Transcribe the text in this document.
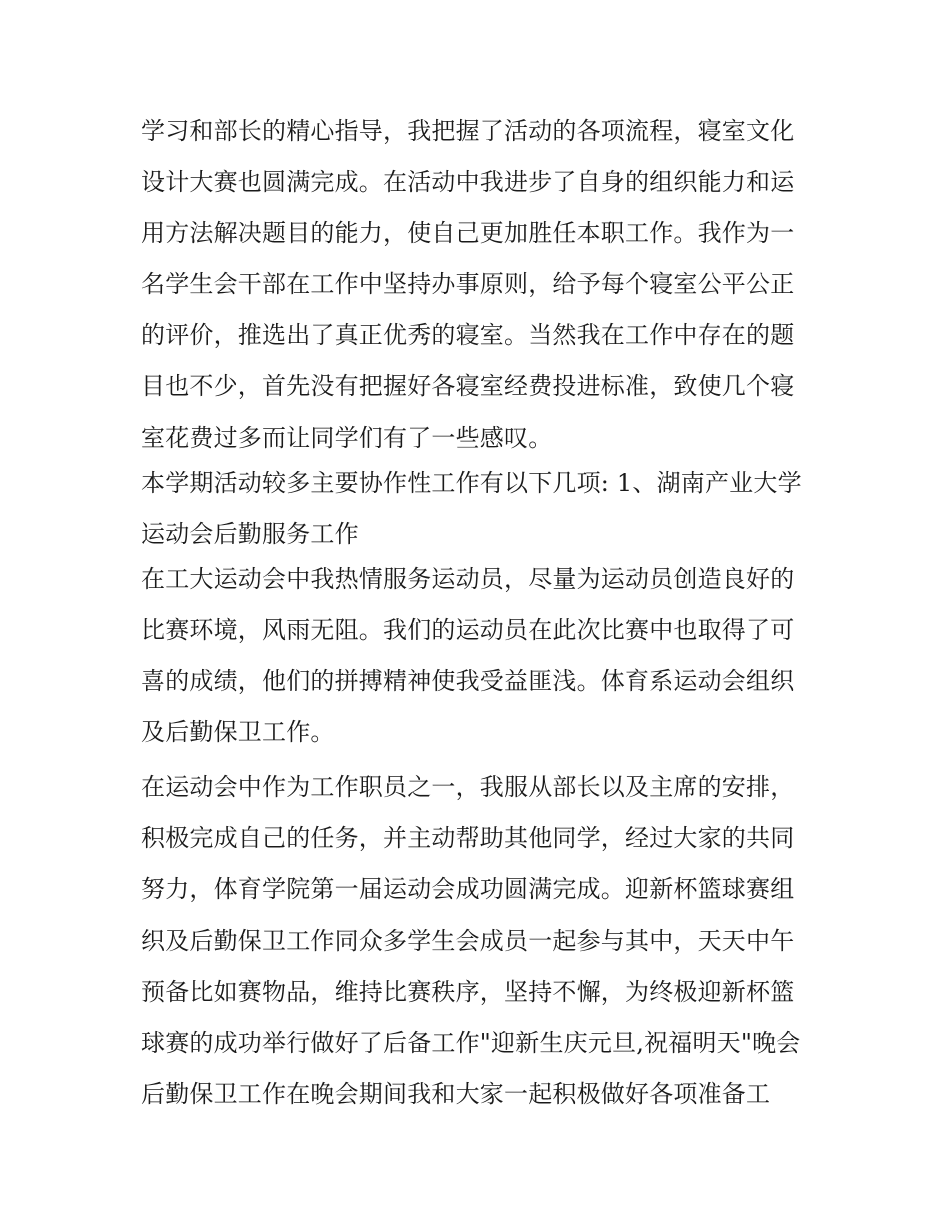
学习和部长的精心指导，我把握了活动的各项流程，寝室文化
设计大赛也圆满完成。在活动中我进步了自身的组织能力和运
用方法解决题目的能力，使自己更加胜任本职工作。我作为一
名学生会干部在工作中坚持办事原则，给予每个寝室公平公正
的评价，推选出了真正优秀的寝室。当然我在工作中存在的题
目也不少，首先没有把握好各寝室经费投进标准，致使几个寝
室花费过多而让同学们有了一些感叹。
本学期活动较多主要协作性工作有以下几项: 1、湖南产业大学
运动会后勤服务工作
在工大运动会中我热情服务运动员，尽量为运动员创造良好的
比赛环境，风雨无阻。我们的运动员在此次比赛中也取得了可
喜的成绩，他们的拼搏精神使我受益匪浅。体育系运动会组织
及后勤保卫工作。
在运动会中作为工作职员之一，我服从部长以及主席的安排，
积极完成自己的任务，并主动帮助其他同学，经过大家的共同
努力，体育学院第一届运动会成功圆满完成。迎新杯篮球赛组
织及后勤保卫工作同众多学生会成员一起参与其中，天天中午
预备比如赛物品，维持比赛秩序，坚持不懈，为终极迎新杯篮
球赛的成功举行做好了后备工作"迎新生庆元旦,祝福明天"晚会
后勤保卫工作在晚会期间我和大家一起积极做好各项准备工
